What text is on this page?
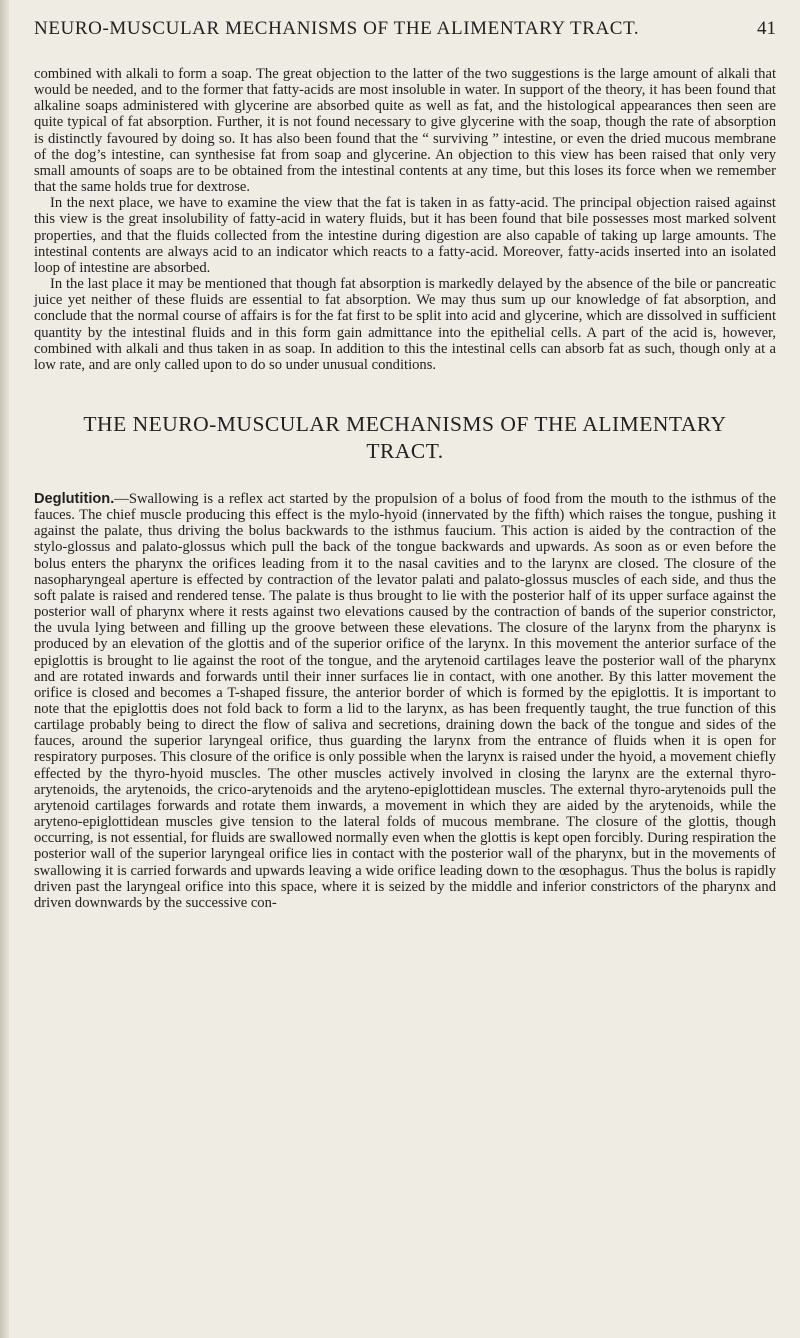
NEURO-MUSCULAR MECHANISMS OF THE ALIMENTARY TRACT.	41

combined with alkali to form a soap. The great objection to the latter of the two suggestions is the large amount of alkali that would be needed, and to the former that fatty-acids are most insoluble in water. In support of the theory, it has been found that alkaline soaps administered with glycerine are absorbed quite as well as fat, and the histological appearances then seen are quite typical of fat absorption. Further, it is not found necessary to give glycerine with the soap, though the rate of absorption is distinctly favoured by doing so. It has also been found that the “ surviving ” intestine, or even the dried mucous membrane of the dog’s intestine, can synthesise fat from soap and glycerine. An objection to this view has been raised that only very small amounts of soaps are to be obtained from the intestinal contents at any time, but this loses its force when we remember that the same holds true for dextrose.

In the next place, we have to examine the view that the fat is taken in as fatty-acid. The principal objection raised against this view is the great insolubility of fatty-acid in watery fluids, but it has been found that bile possesses most marked solvent properties, and that the fluids collected from the intestine during digestion are also capable of taking up large amounts. The intestinal contents are always acid to an indicator which reacts to a fatty-acid. Moreover, fatty-acids inserted into an isolated loop of intestine are absorbed.

In the last place it may be mentioned that though fat absorption is markedly delayed by the absence of the bile or pancreatic juice yet neither of these fluids are essential to fat absorption. We may thus sum up our knowledge of fat absorption, and conclude that the normal course of affairs is for the fat first to be split into acid and glycerine, which are dissolved in sufficient quantity by the intestinal fluids and in this form gain admittance into the epithelial cells. A part of the acid is, however, combined with alkali and thus taken in as soap. In addition to this the intestinal cells can absorb fat as such, though only at a low rate, and are only called upon to do so under unusual conditions.

THE NEURO-MUSCULAR MECHANISMS OF THE ALIMENTARY
TRACT.

Deglutition.—Swallowing is a reflex act started by the propulsion of a bolus of food from the mouth to the isthmus of the fauces. The chief muscle producing this effect is the mylo-hyoid (innervated by the fifth) which raises the tongue, pushing it against the palate, thus driving the bolus backwards to the isthmus faucium. This action is aided by the contraction of the stylo-glossus and palato-glossus which pull the back of the tongue backwards and upwards. As soon as or even before the bolus enters the pharynx the orifices leading from it to the nasal cavities and to the larynx are closed. The closure of the nasopharyngeal aperture is effected by contraction of the levator palati and palato-glossus muscles of each side, and thus the soft palate is raised and rendered tense. The palate is thus brought to lie with the posterior half of its upper surface against the posterior wall of pharynx where it rests against two elevations caused by the contraction of bands of the superior constrictor, the uvula lying between and filling up the groove between these elevations. The closure of the larynx from the pharynx is produced by an elevation of the glottis and of the superior orifice of the larynx. In this movement the anterior surface of the epiglottis is brought to lie against the root of the tongue, and the arytenoid cartilages leave the posterior wall of the pharynx and are rotated inwards and forwards until their inner surfaces lie in contact, with one another. By this latter movement the orifice is closed and becomes a T-shaped fissure, the anterior border of which is formed by the epiglottis. It is important to note that the epiglottis does not fold back to form a lid to the larynx, as has been frequently taught, the true function of this cartilage probably being to direct the flow of saliva and secretions, draining down the back of the tongue and sides of the fauces, around the superior laryngeal orifice, thus guarding the larynx from the entrance of fluids when it is open for respiratory purposes. This closure of the orifice is only possible when the larynx is raised under the hyoid, a movement chiefly effected by the thyro-hyoid muscles. The other muscles actively involved in closing the larynx are the external thyro-arytenoids, the arytenoids, the crico-arytenoids and the aryteno-epiglottidean muscles. The external thyro-arytenoids pull the arytenoid cartilages forwards and rotate them inwards, a movement in which they are aided by the arytenoids, while the aryteno-epiglottidean muscles give tension to the lateral folds of mucous membrane. The closure of the glottis, though occurring, is not essential, for fluids are swallowed normally even when the glottis is kept open forcibly. During respiration the posterior wall of the superior laryngeal orifice lies in contact with the posterior wall of the pharynx, but in the movements of swallowing it is carried forwards and upwards leaving a wide orifice leading down to the œsophagus. Thus the bolus is rapidly driven past the laryngeal orifice into this space, where it is seized by the middle and inferior constrictors of the pharynx and driven downwards by the successive con-
